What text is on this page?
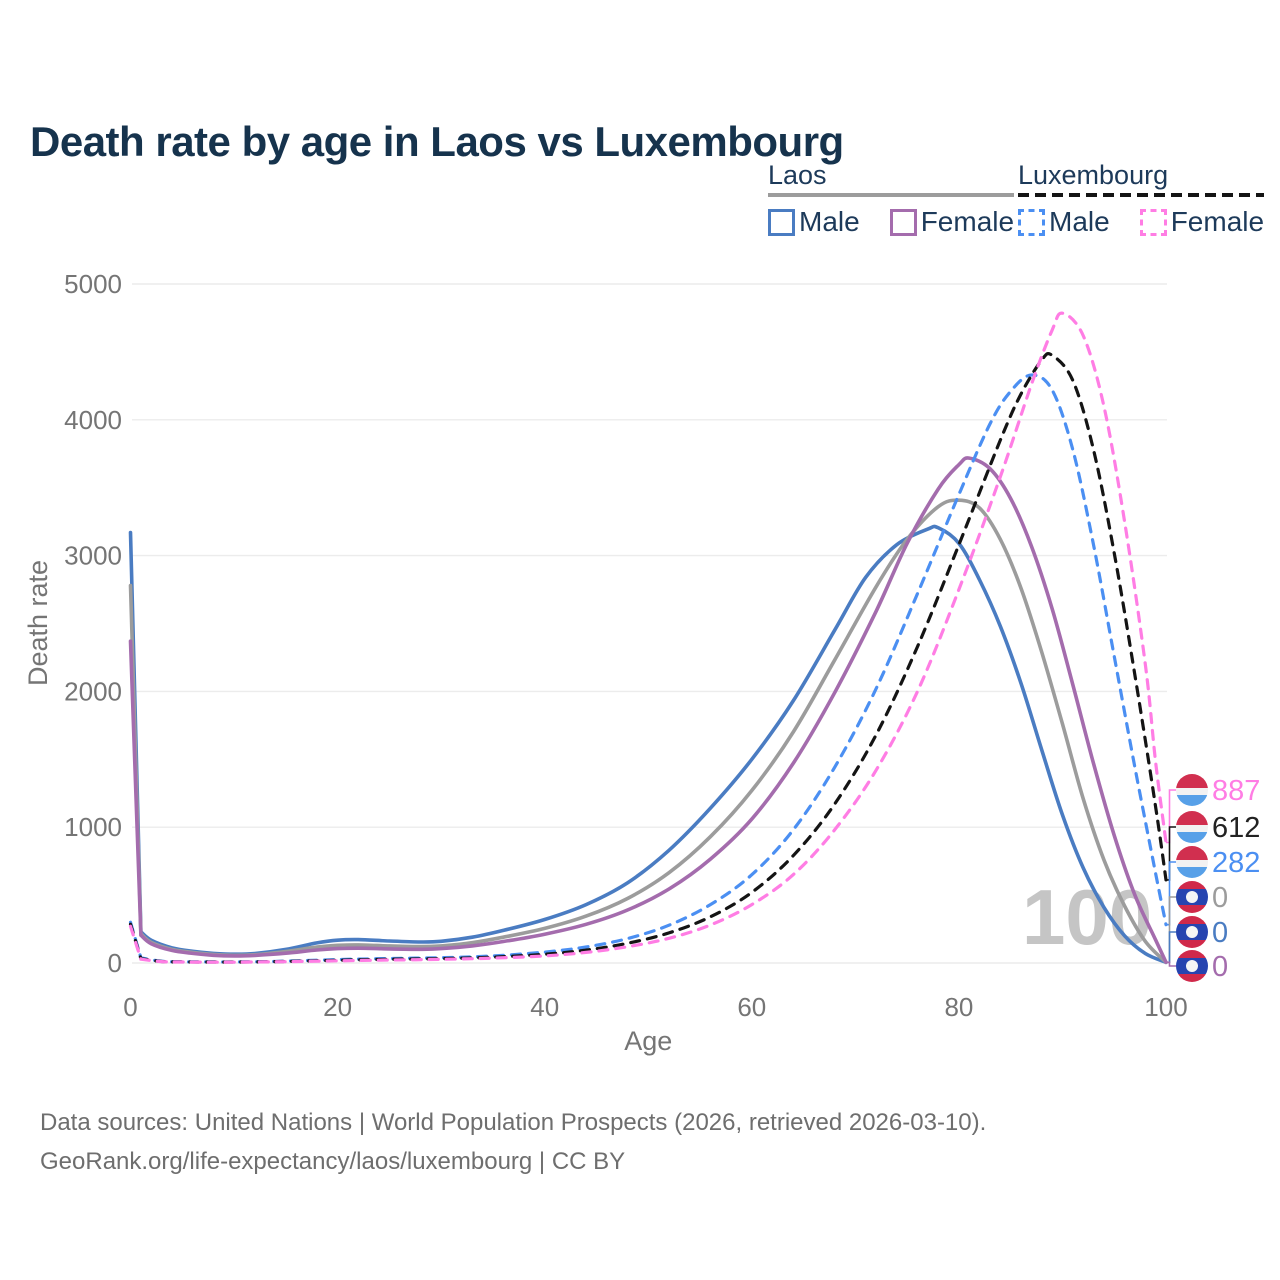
Death rate by age in Laos vs Luxembourg
Laos
Male Female
Luxembourg
Male Female
0
1000
2000
3000
4000
5000
0	20	40	60	80	100
Age
Death rate
100
887
612
282
0
0
0
Data sources: United Nations | World Population Prospects (2026, retrieved 2026-03-10).
GeoRank.org/life-expectancy/laos/luxembourg | CC BY
